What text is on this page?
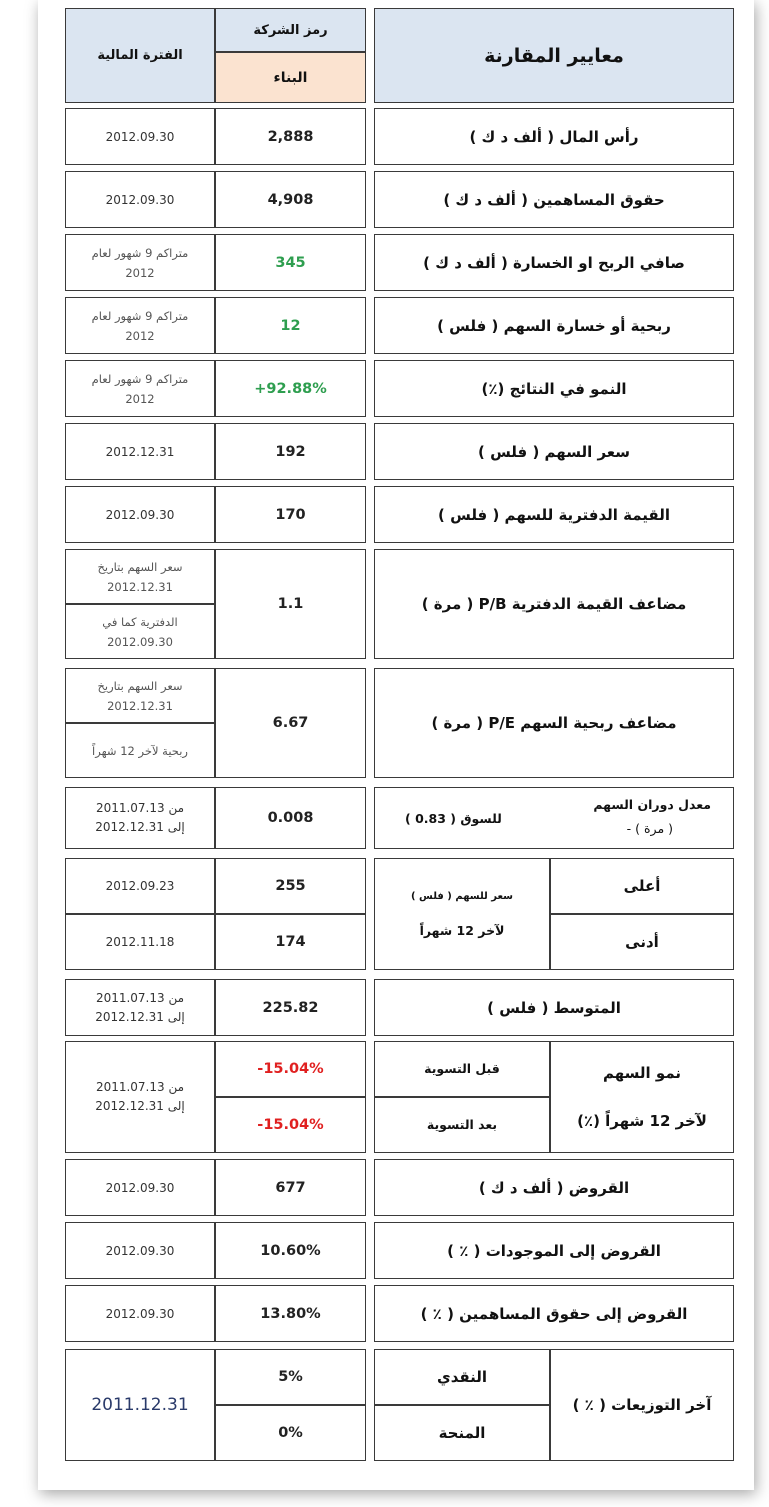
معايير المقارنة
رمز الشركة
البناء
الفترة المالية
رأس المال ( ألف د ك )
2,888
2012.09.30
حقوق المساهمين ( ألف د ك )
4,908
2012.09.30
صافي الربح او الخسارة ( ألف د ك )
345
متراكم 9 شهور لعام
2012
ربحية أو خسارة السهم ( فلس )
12
متراكم 9 شهور لعام
2012
النمو في النتائج (٪)
+92.88%
متراكم 9 شهور لعام
2012
سعر السهم ( فلس )
192
2012.12.31
القيمة الدفترية للسهم ( فلس )
170
2012.09.30
مضاعف القيمة الدفترية P/B ( مرة )
1.1
سعر السهم بتاريخ
2012.12.31
الدفترية كما في
2012.09.30
مضاعف ربحية السهم P/E ( مرة )
6.67
سعر السهم بتاريخ
2012.12.31
ربحية لآخر 12 شهراً
معدل دوران السهم
( مرة ) -
للسوق ( 0.83 )
0.008
من 2011.07.13
إلى 2012.12.31
أعلى
أدنى
سعر للسهم ( فلس )
لآخر 12 شهراً
255
174
2012.09.23
2012.11.18
المتوسط ( فلس )
225.82
من 2011.07.13
إلى 2012.12.31
نمو السهم
لآخر 12 شهراً (٪)
قبل التسوية
بعد التسوية
-15.04%
-15.04%
من 2011.07.13
إلى 2012.12.31
القروض ( ألف د ك )
677
2012.09.30
القروض إلى الموجودات ( ٪ )
10.60%
2012.09.30
القروض إلى حقوق المساهمين ( ٪ )
13.80%
2012.09.30
آخر التوزيعات ( ٪ )
النقدي
المنحة
5%
0%
2011.12.31
